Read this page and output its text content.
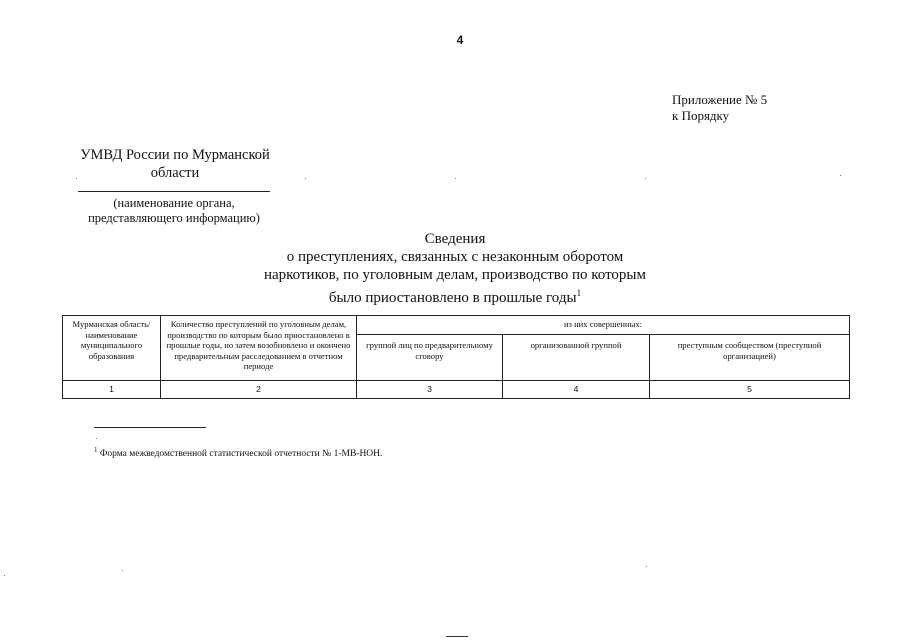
4
Приложение № 5
к Порядку
УМВД России по Мурманской
области
(наименование органа,
представляющего информацию)
Сведения
о преступлениях, связанных с незаконным оборотом
наркотиков, по уголовным делам, производство по которым
было приостановлено в прошлые годы$^1$
Мурманская область/наименование муниципального образования	Количество преступлений по уголовным делам, производство по которым было приостановлено в прошлые годы, но затем возобновлено и окончено предварительным расследованием в отчетном периоде	из них совершенных:		
		группой лиц по предварительному сговору	организованной группой	преступным сообществом (преступной организацией)
1	2	3	4	5
$^1$ Форма межведомственной статистической отчетности № 1-МВ-НОН.
